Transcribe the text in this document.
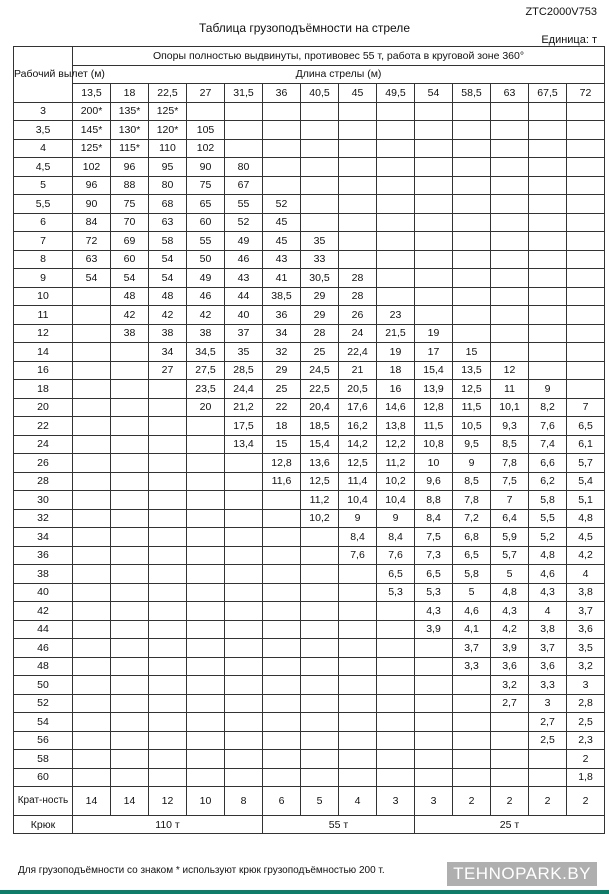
ZTC2000V753
Таблица грузоподъёмности на стреле
Единица: т
Рабочий вылет (м)	Опоры полностью выдвинуты, противовес 55 т, работа в круговой зоне 360°													
	Длина стрелы (м)													
	13,5	18	22,5	27	31,5	36	40,5	45	49,5	54	58,5	63	67,5	72
3	200*	135*	125*											
3,5	145*	130*	120*	105										
4	125*	115*	110	102										
4,5	102	96	95	90	80									
5	96	88	80	75	67									
5,5	90	75	68	65	55	52								
6	84	70	63	60	52	45								
7	72	69	58	55	49	45	35							
8	63	60	54	50	46	43	33							
9	54	54	54	49	43	41	30,5	28						
10		48	48	46	44	38,5	29	28						
11		42	42	42	40	36	29	26	23					
12		38	38	38	37	34	28	24	21,5	19				
14			34	34,5	35	32	25	22,4	19	17	15			
16			27	27,5	28,5	29	24,5	21	18	15,4	13,5	12		
18				23,5	24,4	25	22,5	20,5	16	13,9	12,5	11	9	
20				20	21,2	22	20,4	17,6	14,6	12,8	11,5	10,1	8,2	7
22					17,5	18	18,5	16,2	13,8	11,5	10,5	9,3	7,6	6,5
24					13,4	15	15,4	14,2	12,2	10,8	9,5	8,5	7,4	6,1
26						12,8	13,6	12,5	11,2	10	9	7,8	6,6	5,7
28						11,6	12,5	11,4	10,2	9,6	8,5	7,5	6,2	5,4
30							11,2	10,4	10,4	8,8	7,8	7	5,8	5,1
32							10,2	9	9	8,4	7,2	6,4	5,5	4,8
34								8,4	8,4	7,5	6,8	5,9	5,2	4,5
36								7,6	7,6	7,3	6,5	5,7	4,8	4,2
38									6,5	6,5	5,8	5	4,6	4
40									5,3	5,3	5	4,8	4,3	3,8
42										4,3	4,6	4,3	4	3,7
44										3,9	4,1	4,2	3,8	3,6
46											3,7	3,9	3,7	3,5
48											3,3	3,6	3,6	3,2
50												3,2	3,3	3
52												2,7	3	2,8
54													2,7	2,5
56													2,5	2,3
58														2
60														1,8
Крат-ность	14	14	12	10	8	6	5	4	3	3	2	2	2	2
Крюк	110 т					55 т				25 т				
Для грузоподъёмности со знаком * используют крюк грузоподъёмностью 200 т.	TEHNOPARK.BY
